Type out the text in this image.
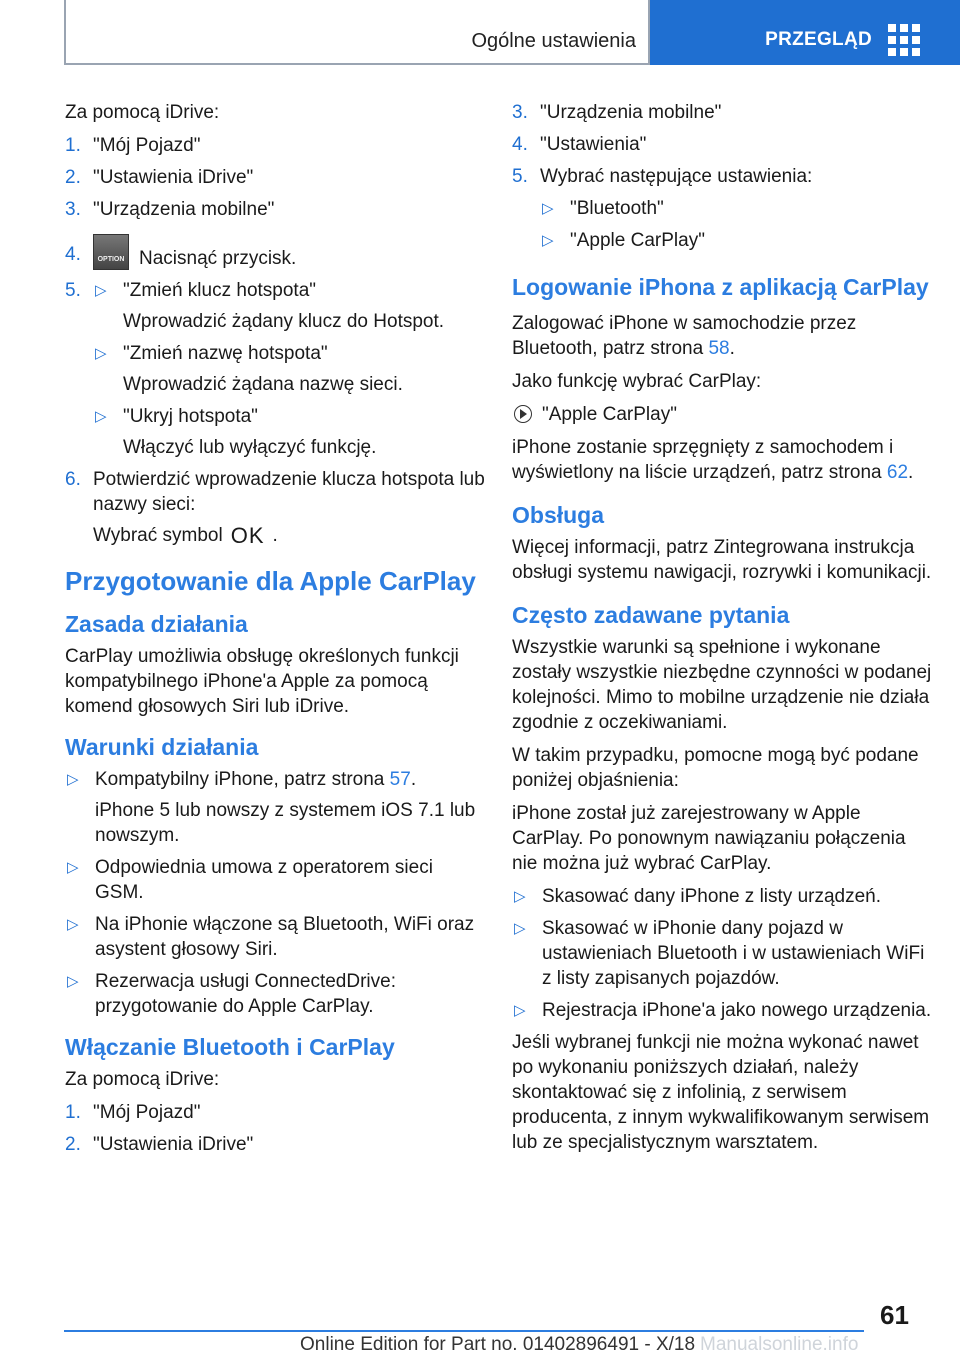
Ogólne ustawienia	PRZEGLĄD
Za pomocą iDrive:
1. "Mój Pojazd"
2. "Ustawienia iDrive"
3. "Urządzenia mobilne"
4.	OPTION Nacisnąć przycisk.
5. ▷ "Zmień klucz hotspota"
Wprowadzić żądany klucz do Hotspot.
▷ "Zmień nazwę hotspota"
Wprowadzić żądana nazwę sieci.
▷ "Ukryj hotspota"
Włączyć lub wyłączyć funkcję.
6. Potwierdzić wprowadzenie klucza hotspota lub nazwy sieci:
Wybrać symbol OK .
Przygotowanie dla Apple CarPlay
Zasada działania
CarPlay umożliwia obsługę określonych funkcji kompatybilnego iPhone'a Apple za pomocą komend głosowych Siri lub iDrive.
Warunki działania
▷ Kompatybilny iPhone, patrz strona 57.
iPhone 5 lub nowszy z systemem iOS 7.1 lub nowszym.
▷ Odpowiednia umowa z operatorem sieci GSM.
▷ Na iPhonie włączone są Bluetooth, WiFi oraz asystent głosowy Siri.
▷ Rezerwacja usługi ConnectedDrive: przygotowanie do Apple CarPlay.
Włączanie Bluetooth i CarPlay
Za pomocą iDrive:
1. "Mój Pojazd"
2. "Ustawienia iDrive"
3. "Urządzenia mobilne"
4. "Ustawienia"
5. Wybrać następujące ustawienia:
▷ "Bluetooth"
▷ "Apple CarPlay"
Logowanie iPhona z aplikacją CarPlay
Zalogować iPhone w samochodzie przez Bluetooth, patrz strona 58.
Jako funkcję wybrać CarPlay:
"Apple CarPlay"
iPhone zostanie sprzęgnięty z samochodem i wyświetlony na liście urządzeń, patrz strona 62.
Obsługa
Więcej informacji, patrz Zintegrowana instrukcja obsługi systemu nawigacji, rozrywki i komunikacji.
Często zadawane pytania
Wszystkie warunki są spełnione i wykonane zostały wszystkie niezbędne czynności w podanej kolejności. Mimo to mobilne urządzenie nie działa zgodnie z oczekiwaniami.
W takim przypadku, pomocne mogą być podane poniżej objaśnienia:
iPhone został już zarejestrowany w Apple CarPlay. Po ponownym nawiązaniu połączenia nie można już wybrać CarPlay.
▷ Skasować dany iPhone z listy urządzeń.
▷ Skasować w iPhonie dany pojazd w ustawieniach Bluetooth i w ustawieniach WiFi z listy zapisanych pojazdów.
▷ Rejestracja iPhone'a jako nowego urządzenia.
Jeśli wybranej funkcji nie można wykonać nawet po wykonaniu poniższych działań, należy skontaktować się z infolinią, z serwisem producenta, z innym wykwalifikowanym serwisem lub ze specjalistycznym warsztatem.
61
Manualsonline.info
Online Edition for Part no. 01402896491 - X/18
